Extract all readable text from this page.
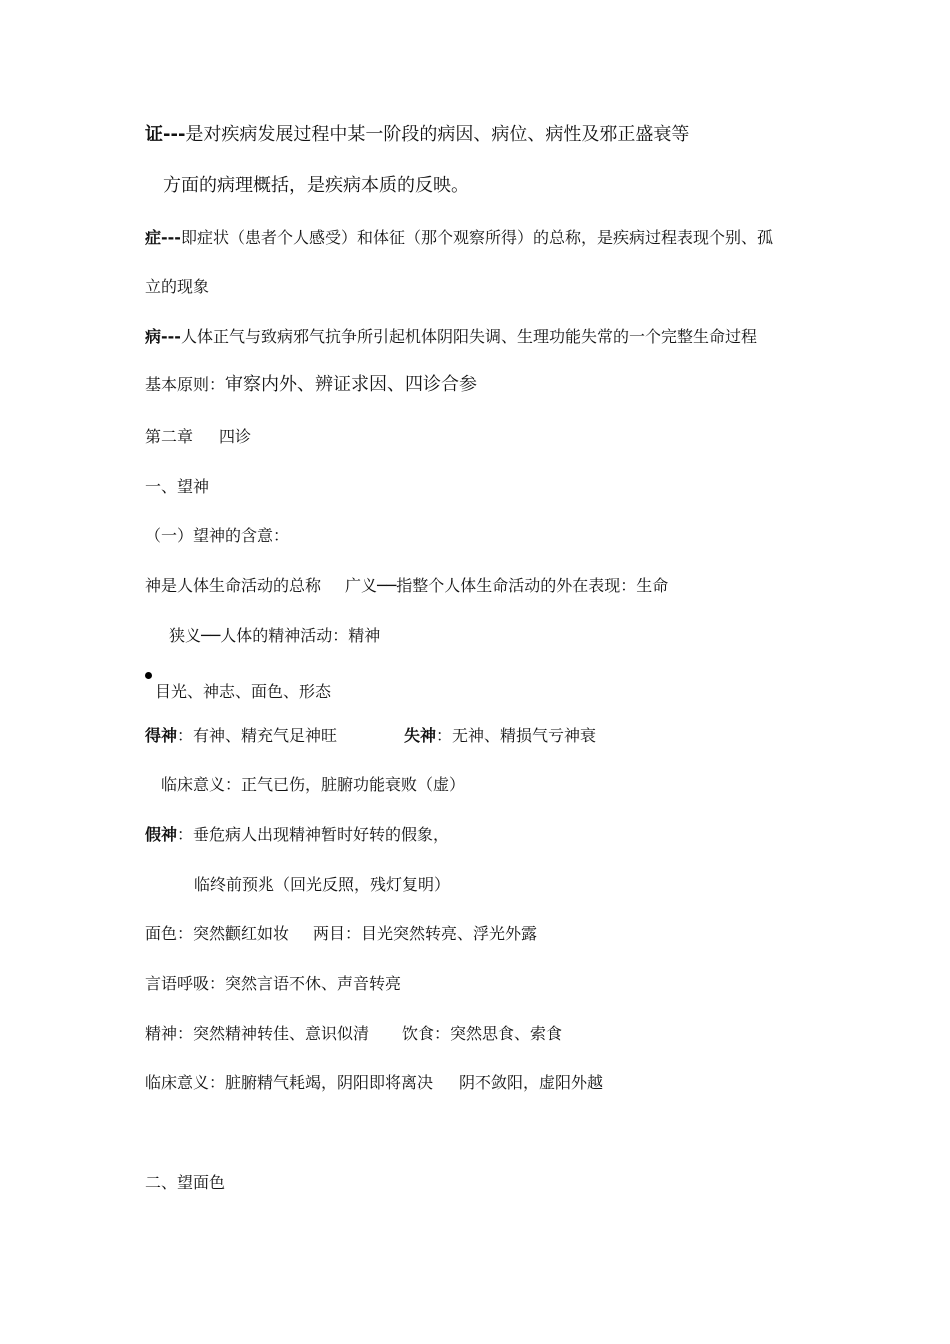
证---是对疾病发展过程中某一阶段的病因、病位、病性及邪正盛衰等
方面的病理概括，是疾病本质的反映。
症---即症状（患者个人感受）和体征（那个观察所得）的总称，是疾病过程表现个别、孤
立的现象
病---人体正气与致病邪气抗争所引起机体阴阳失调、生理功能失常的一个完整生命过程
基本原则：审察内外、辨证求因、四诊合参
第二章 四诊
一、望神
（一）望神的含意：
神是人体生命活动的总称 广义──指整个人体生命活动的外在表现：生命
狭义──人体的精神活动：精神
目光、神志、面色、形态
得神：有神、精充气足神旺	失神：无神、精损气亏神衰
临床意义：正气已伤，脏腑功能衰败（虚）
假神：垂危病人出现精神暂时好转的假象，
临终前预兆（回光反照，残灯复明）
面色：突然颧红如妆 两目：目光突然转亮、浮光外露
言语呼吸：突然言语不休、声音转亮
精神：突然精神转佳、意识似清 饮食：突然思食、索食
临床意义：脏腑精气耗竭，阴阳即将离决 阴不敛阳，虚阳外越
二、望面色
